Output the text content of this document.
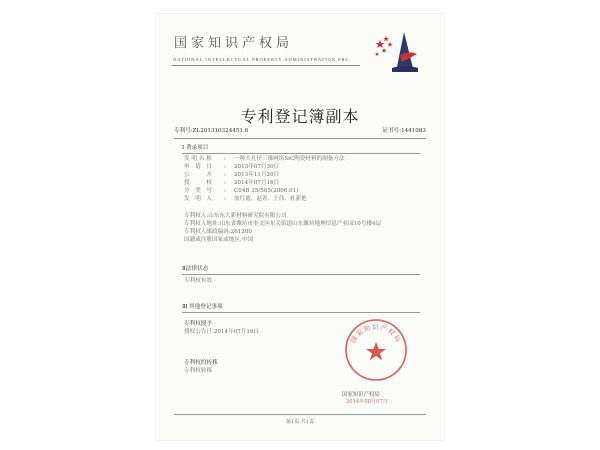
国家知识产权局
NATIONAL INTELLECTUAL PROPERTY ADMINISTRATION,PRC
专利登记簿副本
专利号:ZL201310324451.6	证书号:1441083
Ⅰ 著录项目
发 明 名 称 : 一种大孔径三维网络SiC陶瓷材料的制备方法
申　请　日 : 2013年07月30日
公　　　开 : 2013年11月20日
授　　　权 : 2014年07月16日
分　类　号 : C04B 35/565(2006.01)
发　明　人 : 翁红霞、赵菁、王伟、杜新艳
专利权人:山东东大新材料研究院有限公司
专利权人地址:山东省潍坊市奎文区东关街道山东潍坊地理信息产业园10号楼4层
专利权人邮政编码:261200
国籍或注册国家或地区:中国
Ⅱ法律状态
专利权有效
Ⅲ 其他登记事项
专利权授予
授权公告日:2014年07月16日
专利权的转移
专利权转移
国家知识产权局
国家知识产权局
2014年08月07日
第1页 共1页
